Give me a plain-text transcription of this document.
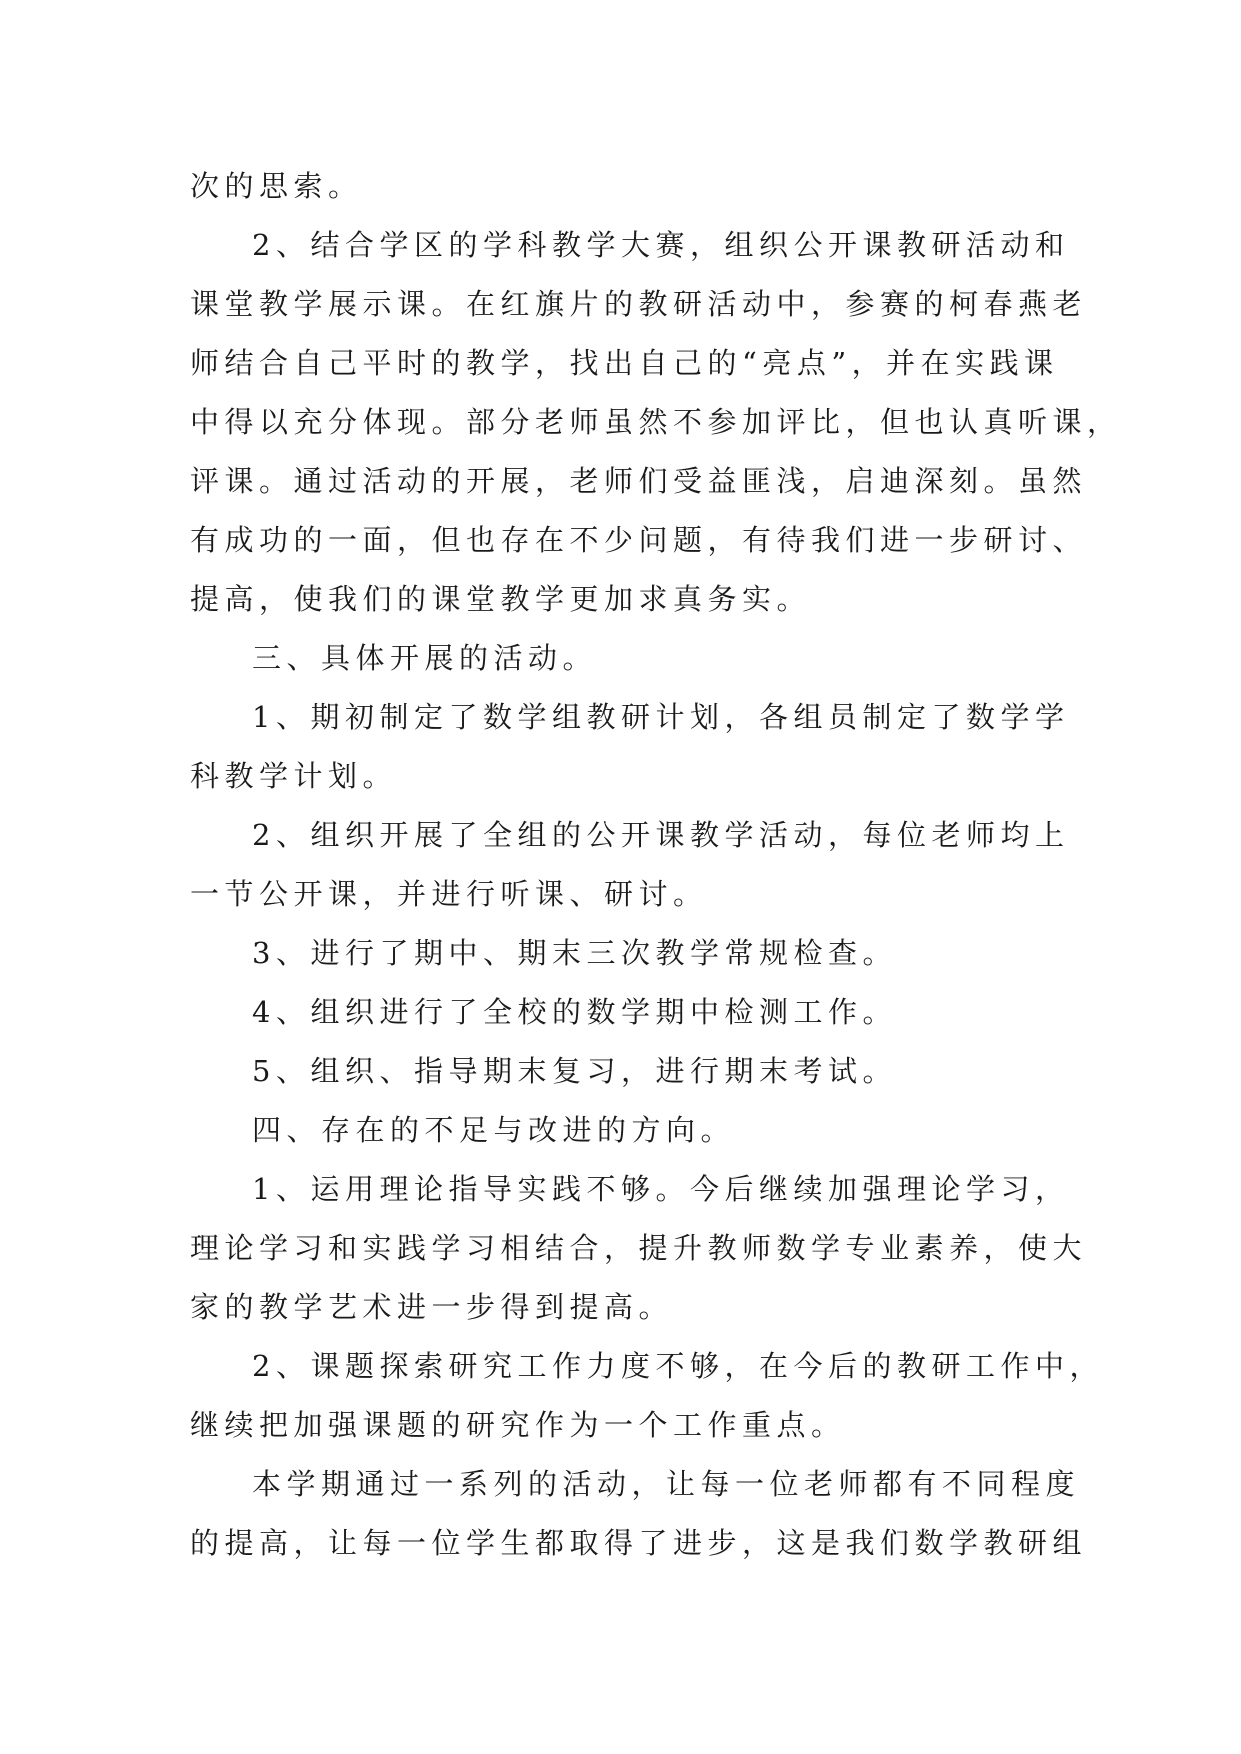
次的思索。
2、结合学区的学科教学大赛，组织公开课教研活动和
课堂教学展示课。在红旗片的教研活动中，参赛的柯春燕老
师结合自己平时的教学，找出自己的“亮点”，并在实践课
中得以充分体现。部分老师虽然不参加评比，但也认真听课，
评课。通过活动的开展，老师们受益匪浅，启迪深刻。虽然
有成功的一面，但也存在不少问题，有待我们进一步研讨、
提高，使我们的课堂教学更加求真务实。
三、具体开展的活动。
1、期初制定了数学组教研计划，各组员制定了数学学
科教学计划。
2、组织开展了全组的公开课教学活动，每位老师均上
一节公开课，并进行听课、研讨。
3、进行了期中、期末三次教学常规检查。
4、组织进行了全校的数学期中检测工作。
5、组织、指导期末复习，进行期末考试。
四、存在的不足与改进的方向。
1、运用理论指导实践不够。今后继续加强理论学习，
理论学习和实践学习相结合，提升教师数学专业素养，使大
家的教学艺术进一步得到提高。
2、课题探索研究工作力度不够，在今后的教研工作中，
继续把加强课题的研究作为一个工作重点。
本学期通过一系列的活动，让每一位老师都有不同程度
的提高，让每一位学生都取得了进步，这是我们数学教研组
